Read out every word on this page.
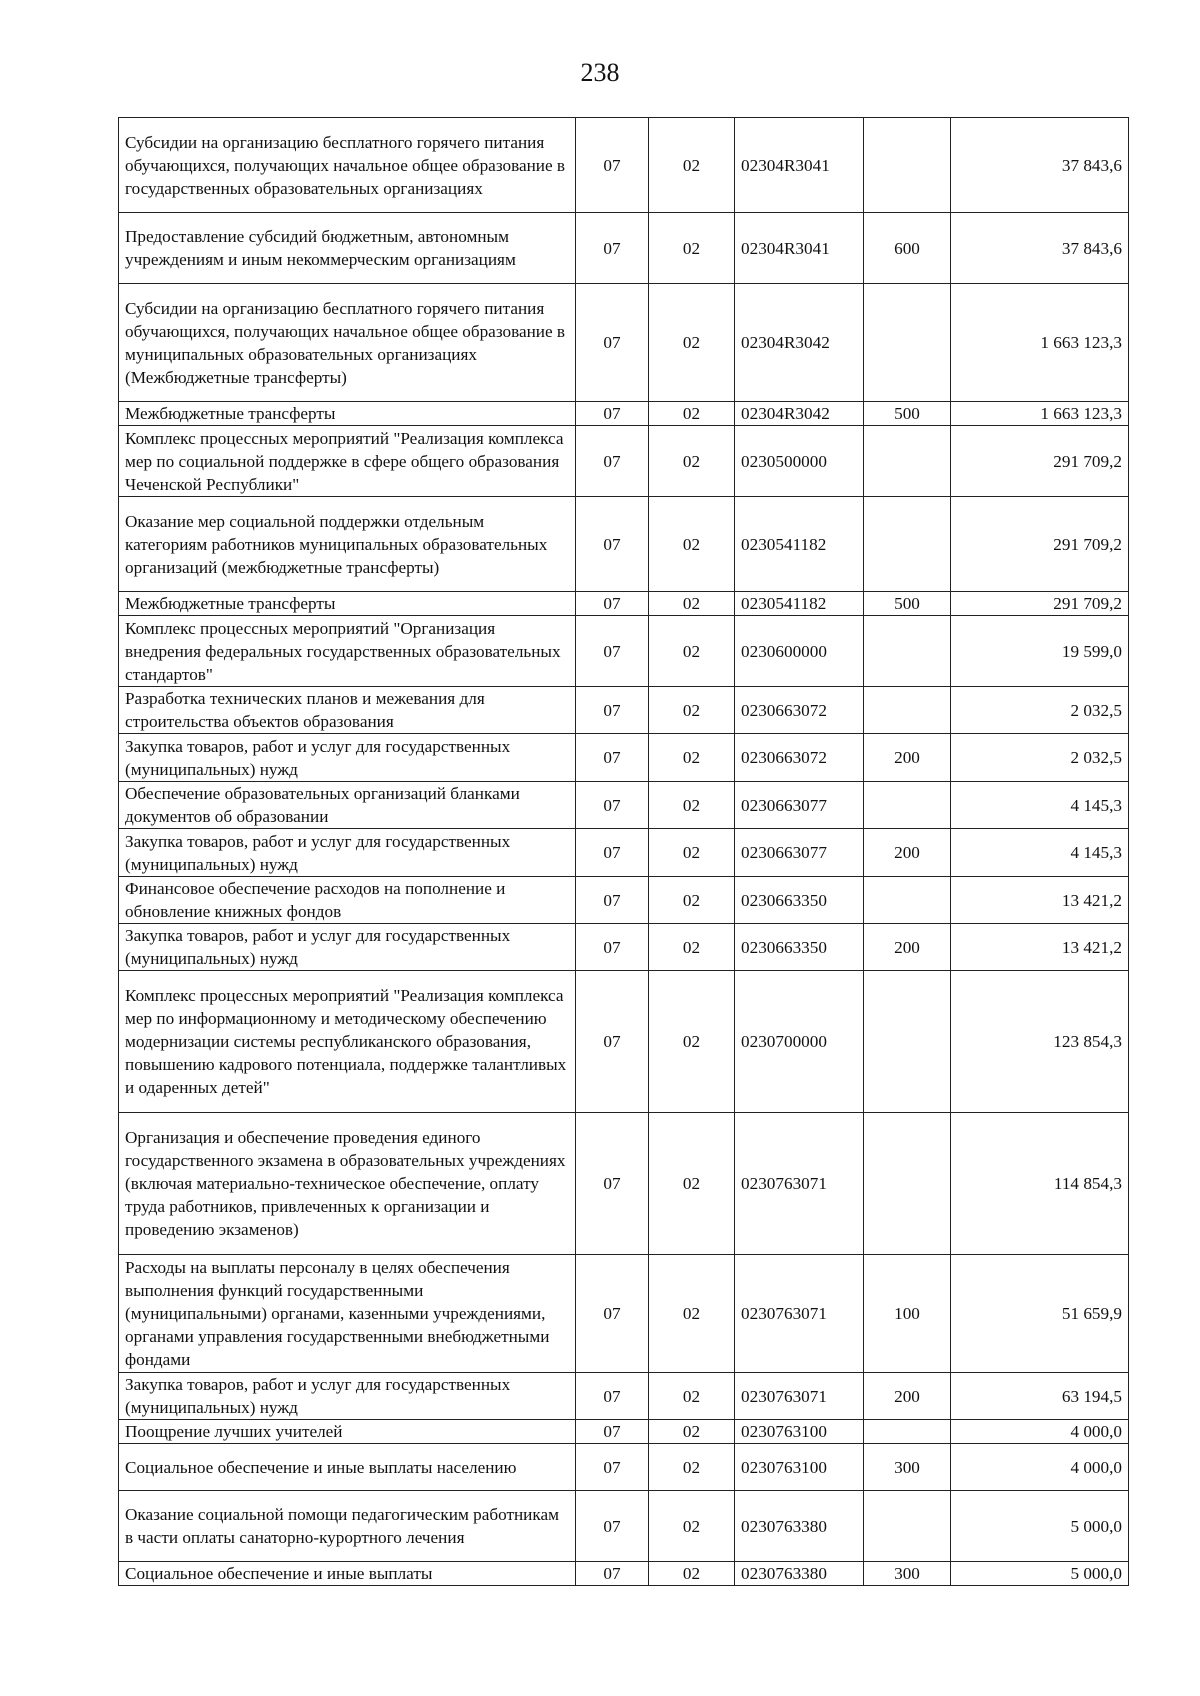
238
Субсидии на организацию бесплатного горячего питания обучающихся, получающих начальное общее образование в государственных образовательных организациях	07	02	02304R3041		37 843,6
Предоставление субсидий бюджетным, автономным учреждениям и иным некоммерческим организациям	07	02	02304R3041	600	37 843,6
Субсидии на организацию бесплатного горячего питания обучающихся, получающих начальное общее образование в муниципальных образовательных организациях (Межбюджетные трансферты)	07	02	02304R3042		1 663 123,3
Межбюджетные трансферты	07	02	02304R3042	500	1 663 123,3
Комплекс процессных мероприятий "Реализация комплекса мер по социальной поддержке в сфере общего образования Чеченской Республики"	07	02	0230500000		291 709,2
Оказание мер социальной поддержки отдельным категориям работников муниципальных образовательных организаций (межбюджетные трансферты)	07	02	0230541182		291 709,2
Межбюджетные трансферты	07	02	0230541182	500	291 709,2
Комплекс процессных мероприятий "Организация внедрения федеральных государственных образовательных стандартов"	07	02	0230600000		19 599,0
Разработка технических планов и межевания для строительства объектов образования	07	02	0230663072		2 032,5
Закупка товаров, работ и услуг для государственных (муниципальных) нужд	07	02	0230663072	200	2 032,5
Обеспечение образовательных организаций бланками документов об образовании	07	02	0230663077		4 145,3
Закупка товаров, работ и услуг для государственных (муниципальных) нужд	07	02	0230663077	200	4 145,3
Финансовое обеспечение расходов на пополнение и обновление книжных фондов	07	02	0230663350		13 421,2
Закупка товаров, работ и услуг для государственных (муниципальных) нужд	07	02	0230663350	200	13 421,2
Комплекс процессных мероприятий "Реализация комплекса мер по информационному и методическому обеспечению модернизации системы республиканского образования, повышению кадрового потенциала, поддержке талантливых и одаренных детей"	07	02	0230700000		123 854,3
Организация и обеспечение проведения единого государственного экзамена в образовательных учреждениях (включая материально-техническое обеспечение, оплату труда работников, привлеченных к организации и проведению экзаменов)	07	02	0230763071		114 854,3
Расходы на выплаты персоналу в целях обеспечения выполнения функций государственными (муниципальными) органами, казенными учреждениями, органами управления государственными внебюджетными фондами	07	02	0230763071	100	51 659,9
Закупка товаров, работ и услуг для государственных (муниципальных) нужд	07	02	0230763071	200	63 194,5
Поощрение лучших учителей	07	02	0230763100		4 000,0
Социальное обеспечение и иные выплаты населению	07	02	0230763100	300	4 000,0
Оказание социальной помощи педагогическим работникам в части оплаты санаторно-курортного лечения	07	02	0230763380		5 000,0
Социальное обеспечение и иные выплаты	07	02	0230763380	300	5 000,0
